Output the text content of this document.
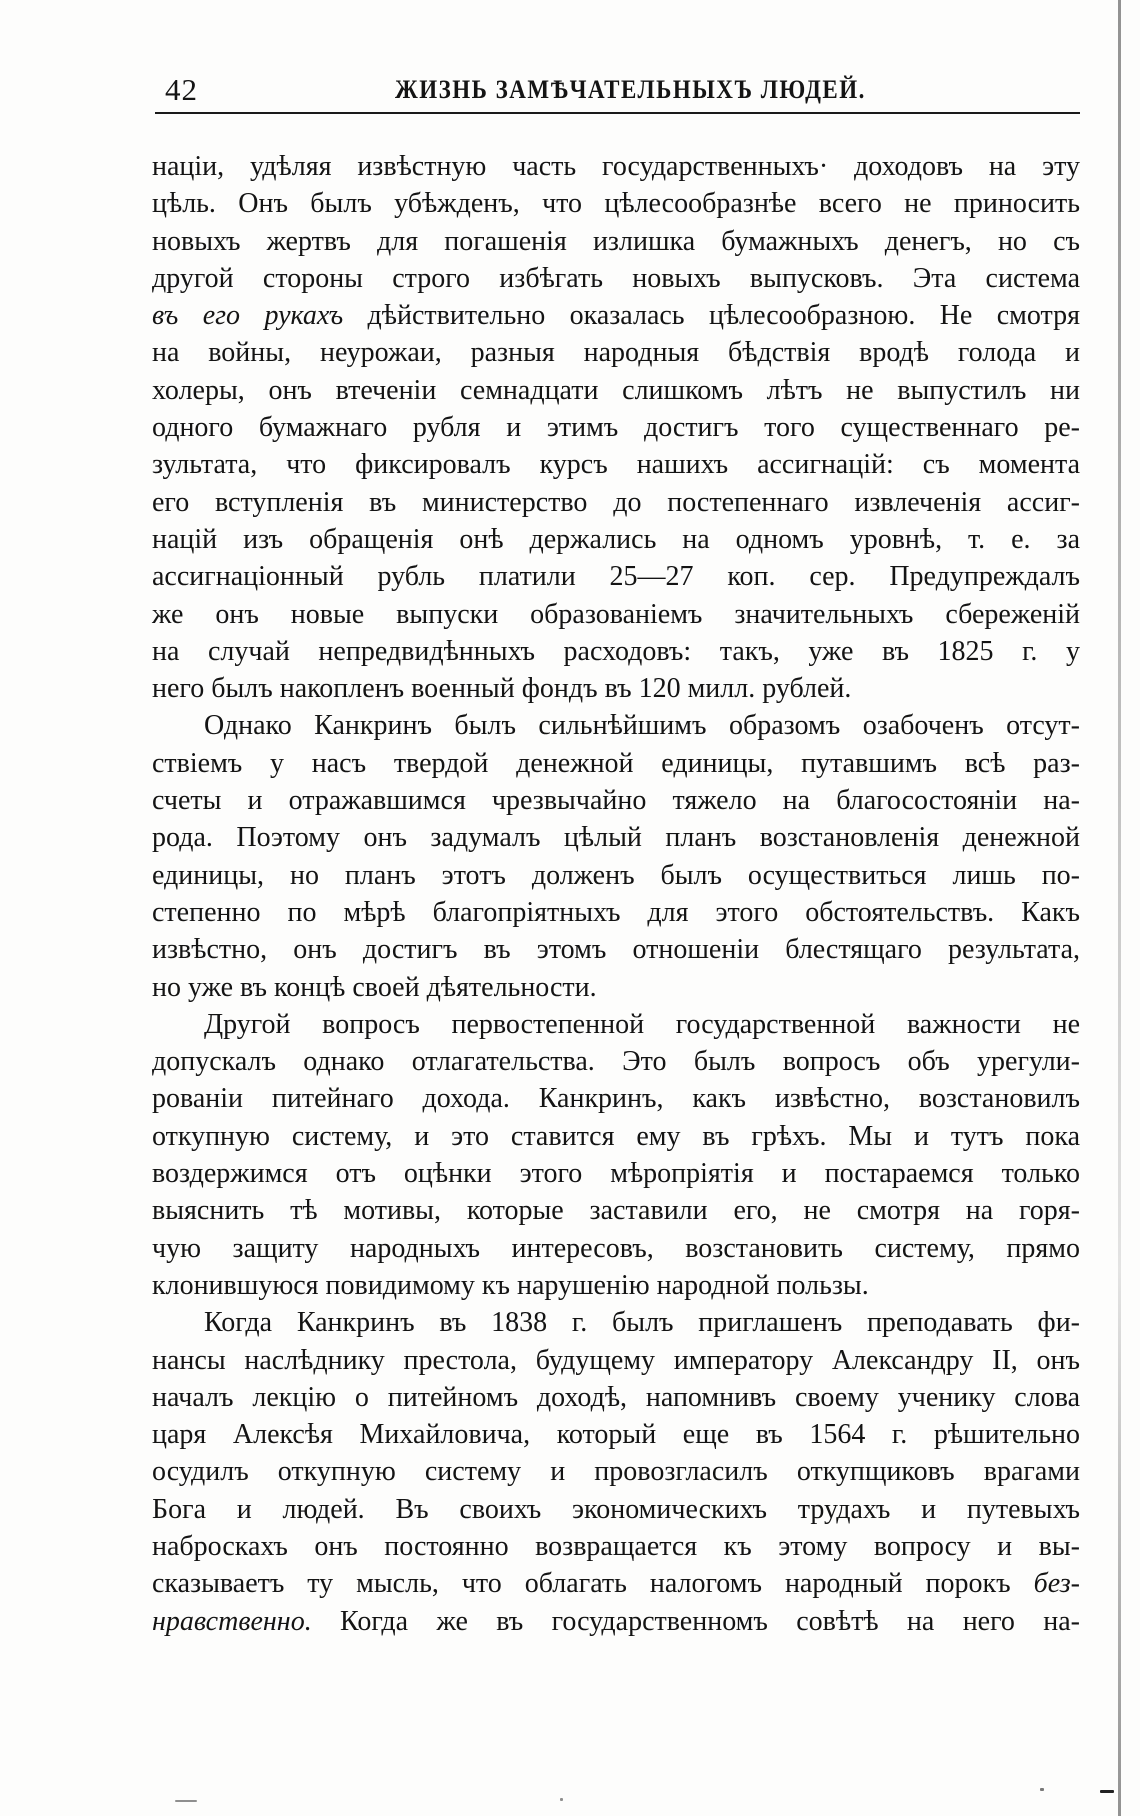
42	ЖИЗНЬ ЗАМѢЧАТЕЛЬНЫХЪ ЛЮДЕЙ.
націи, удѣляя извѣстную часть государственныхъ· доходовъ на эту
цѣль. Онъ былъ убѣжденъ, что цѣлесообразнѣе всего не приносить
новыхъ жертвъ для погашенія излишка бумажныхъ денегъ, но съ
другой стороны строго избѣгать новыхъ выпусковъ. Эта система
въ его рукахъ дѣйствительно оказалась цѣлесообразною. Не смотря
на войны, неурожаи, разныя народныя бѣдствія вродѣ голода и
холеры, онъ втеченіи семнадцати слишкомъ лѣтъ не выпустилъ ни
одного бумажнаго рубля и этимъ достигъ того существеннаго ре-
зультата, что фиксировалъ курсъ нашихъ ассигнацій: съ момента
его вступленія въ министерство до постепеннаго извлеченія ассиг-
націй изъ обращенія онѣ держались на одномъ уровнѣ, т. е. за
ассигнаціонный рубль платили 25—27 коп. сер. Предупреждалъ
же онъ новые выпуски образованіемъ значительныхъ сбереженій
на случай непредвидѣнныхъ расходовъ: такъ, уже въ 1825 г. у
него былъ накопленъ военный фондъ въ 120 милл. рублей.
Однако Канкринъ былъ сильнѣйшимъ образомъ озабоченъ отсут-
ствіемъ у насъ твердой денежной единицы, путавшимъ всѣ раз-
счеты и отражавшимся чрезвычайно тяжело на благосостояніи на-
рода. Поэтому онъ задумалъ цѣлый планъ возстановленія денежной
единицы, но планъ этотъ долженъ былъ осуществиться лишь по-
степенно по мѣрѣ благопріятныхъ для этого обстоятельствъ. Какъ
извѣстно, онъ достигъ въ этомъ отношеніи блестящаго результата,
но уже въ концѣ своей дѣятельности.
Другой вопросъ первостепенной государственной важности не
допускалъ однако отлагательства. Это былъ вопросъ объ урегули-
рованіи питейнаго дохода. Канкринъ, какъ извѣстно, возстановилъ
откупную систему, и это ставится ему въ грѣхъ. Мы и тутъ пока
воздержимся отъ оцѣнки этого мѣропріятія и постараемся только
выяснить тѣ мотивы, которые заставили его, не смотря на горя-
чую защиту народныхъ интересовъ, возстановить систему, прямо
клонившуюся повидимому къ нарушенію народной пользы.
Когда Канкринъ въ 1838 г. былъ приглашенъ преподавать фи-
нансы наслѣднику престола, будущему императору Александру II, онъ
началъ лекцію о питейномъ доходѣ, напомнивъ своему ученику слова
царя Алексѣя Михайловича, который еще въ 1564 г. рѣшительно
осудилъ откупную систему и провозгласилъ откупщиковъ врагами
Бога и людей. Въ своихъ экономическихъ трудахъ и путевыхъ
наброскахъ онъ постоянно возвращается къ этому вопросу и вы-
сказываетъ ту мысль, что облагать налогомъ народный порокъ без-
нравственно. Когда же въ государственномъ совѣтѣ на него на-
